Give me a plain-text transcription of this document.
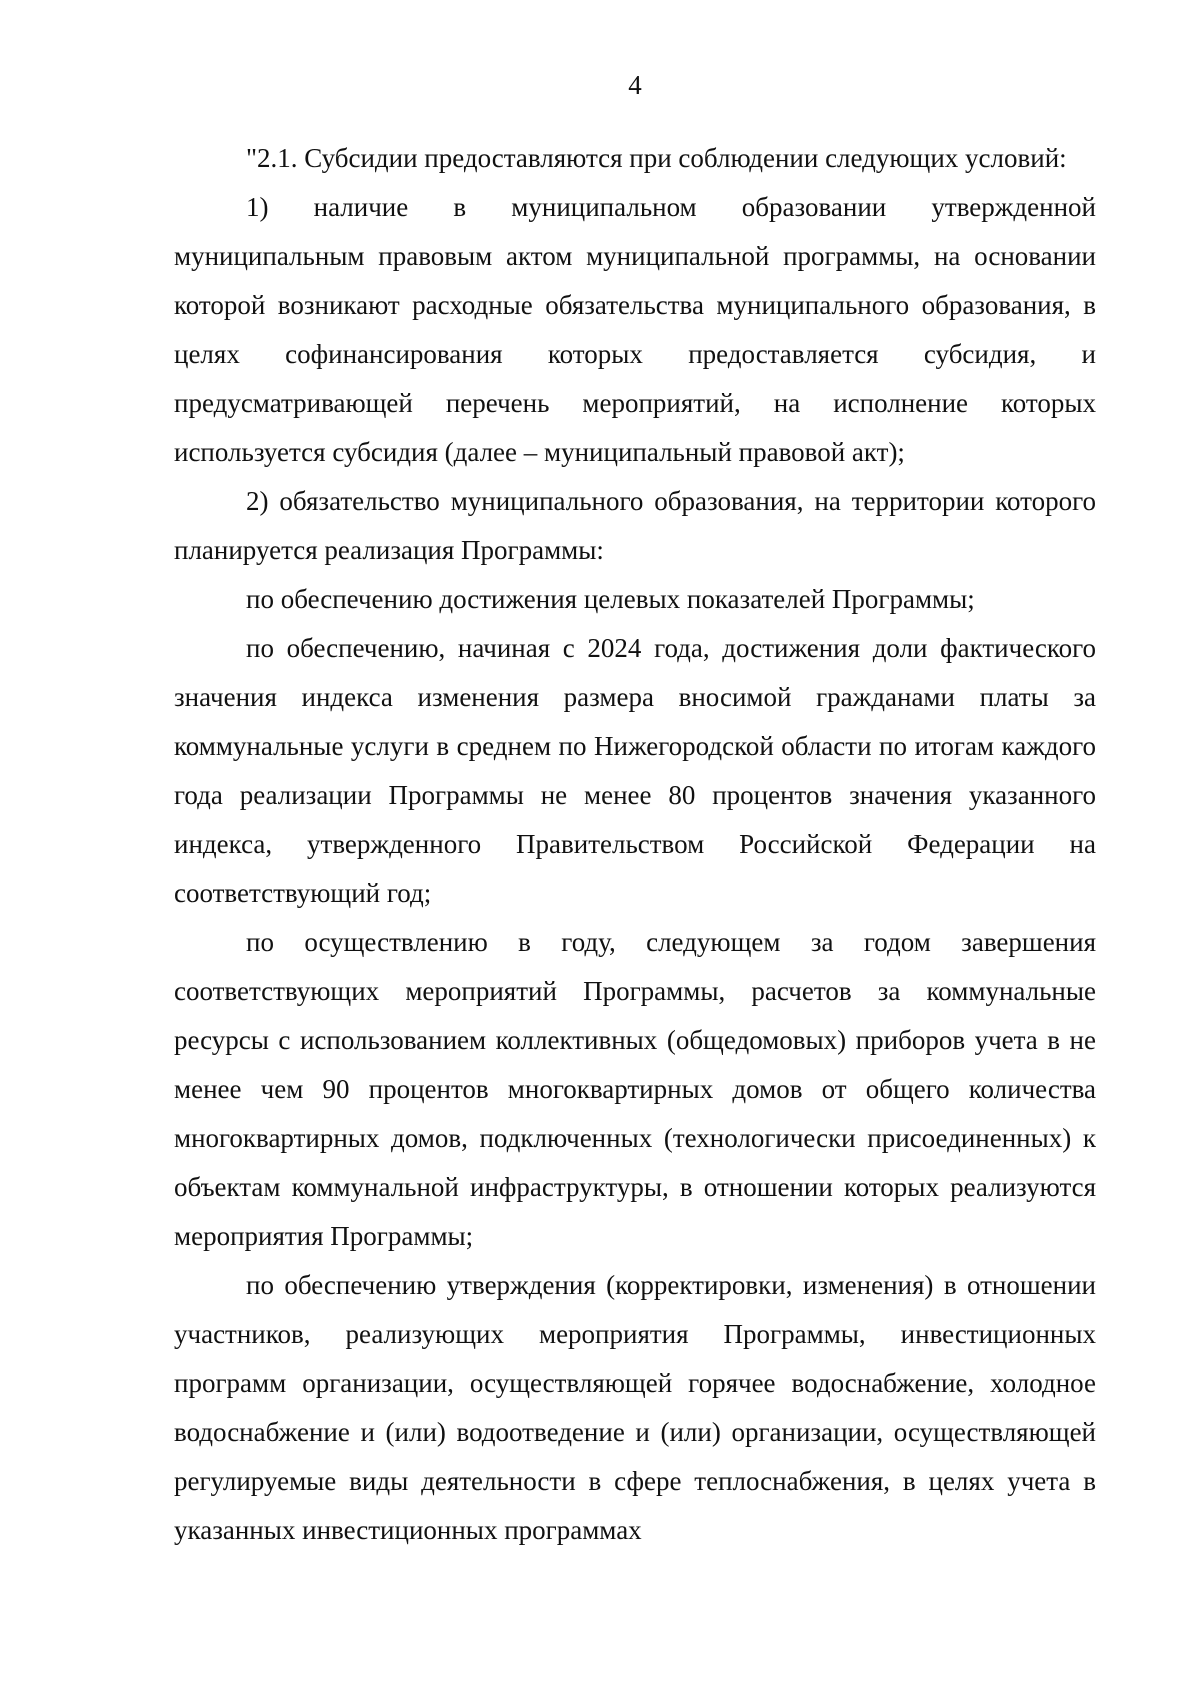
4

"2.1. Субсидии предоставляются при соблюдении следующих условий:

1) наличие в муниципальном образовании утвержденной муниципальным правовым актом муниципальной программы, на основании которой возникают расходные обязательства муниципального образования, в целях софинансирования которых предоставляется субсидия, и предусматривающей перечень мероприятий, на исполнение которых используется субсидия (далее – муниципальный правовой акт);

2) обязательство муниципального образования, на территории которого планируется реализация Программы:

по обеспечению достижения целевых показателей Программы;

по обеспечению, начиная с 2024 года, достижения доли фактического значения индекса изменения размера вносимой гражданами платы за коммунальные услуги в среднем по Нижегородской области по итогам каждого года реализации Программы не менее 80 процентов значения указанного индекса, утвержденного Правительством Российской Федерации на соответствующий год;

по осуществлению в году, следующем за годом завершения соответствующих мероприятий Программы, расчетов за коммунальные ресурсы с использованием коллективных (общедомовых) приборов учета в не менее чем 90 процентов многоквартирных домов от общего количества многоквартирных домов, подключенных (технологически присоединенных) к объектам коммунальной инфраструктуры, в отношении которых реализуются мероприятия Программы;

по обеспечению утверждения (корректировки, изменения) в отношении участников, реализующих мероприятия Программы, инвестиционных программ организации, осуществляющей горячее водоснабжение, холодное водоснабжение и (или) водоотведение и (или) организации, осуществляющей регулируемые виды деятельности в сфере теплоснабжения, в целях учета в указанных инвестиционных программах
